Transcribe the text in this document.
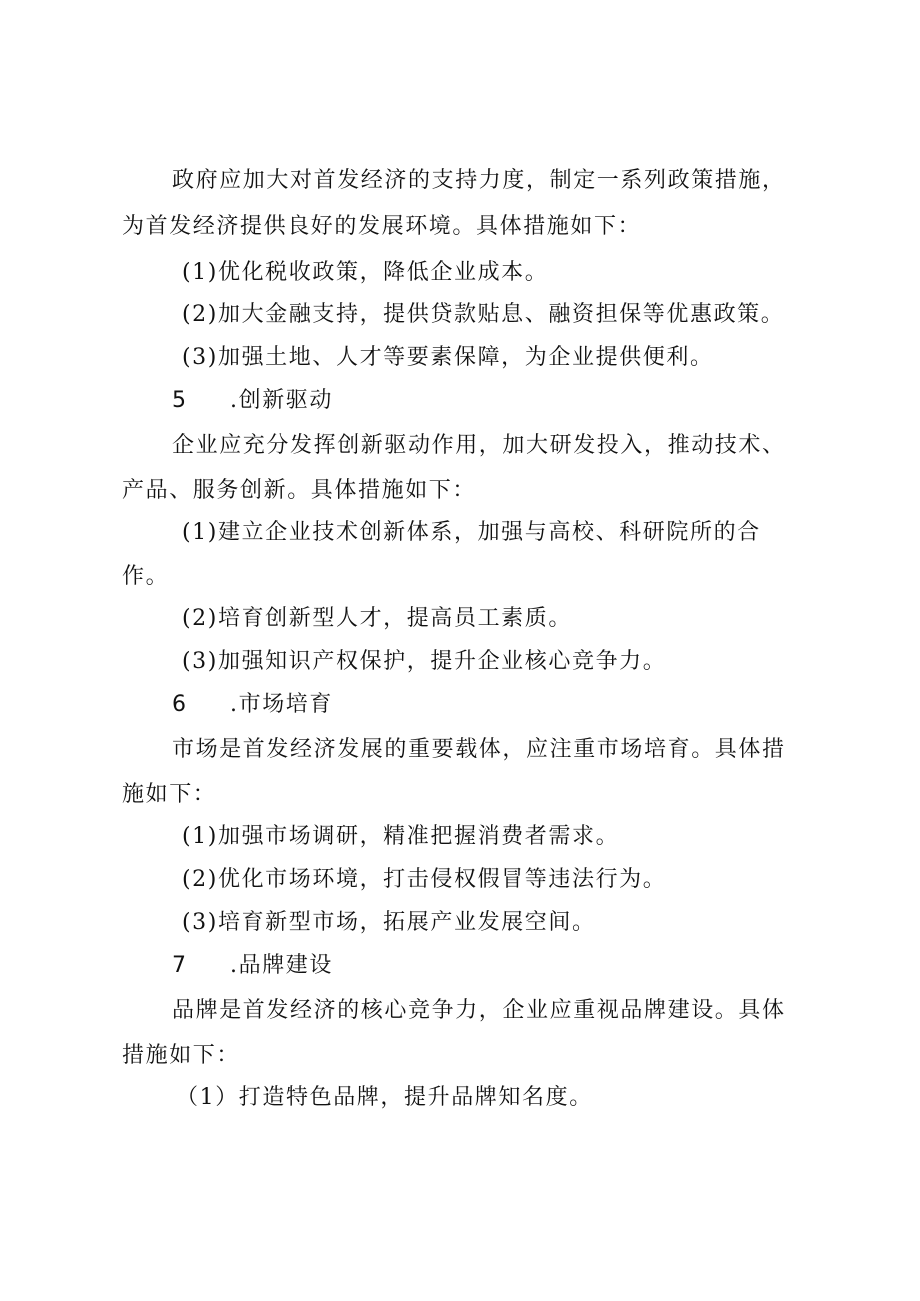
政府应加大对首发经济的支持力度，制定一系列政策措施，
为首发经济提供良好的发展环境。具体措施如下：
(1)优化税收政策，降低企业成本。
(2)加大金融支持，提供贷款贴息、融资担保等优惠政策。
(3)加强土地、人才等要素保障，为企业提供便利。
5 .创新驱动
企业应充分发挥创新驱动作用，加大研发投入，推动技术、
产品、服务创新。具体措施如下：
(1)建立企业技术创新体系，加强与高校、科研院所的合
作。
(2)培育创新型人才，提高员工素质。
(3)加强知识产权保护，提升企业核心竞争力。
6 .市场培育
市场是首发经济发展的重要载体，应注重市场培育。具体措
施如下：
(1)加强市场调研，精准把握消费者需求。
(2)优化市场环境，打击侵权假冒等违法行为。
(3)培育新型市场，拓展产业发展空间。
7 .品牌建设
品牌是首发经济的核心竞争力，企业应重视品牌建设。具体
措施如下：
（1）打造特色品牌，提升品牌知名度。
